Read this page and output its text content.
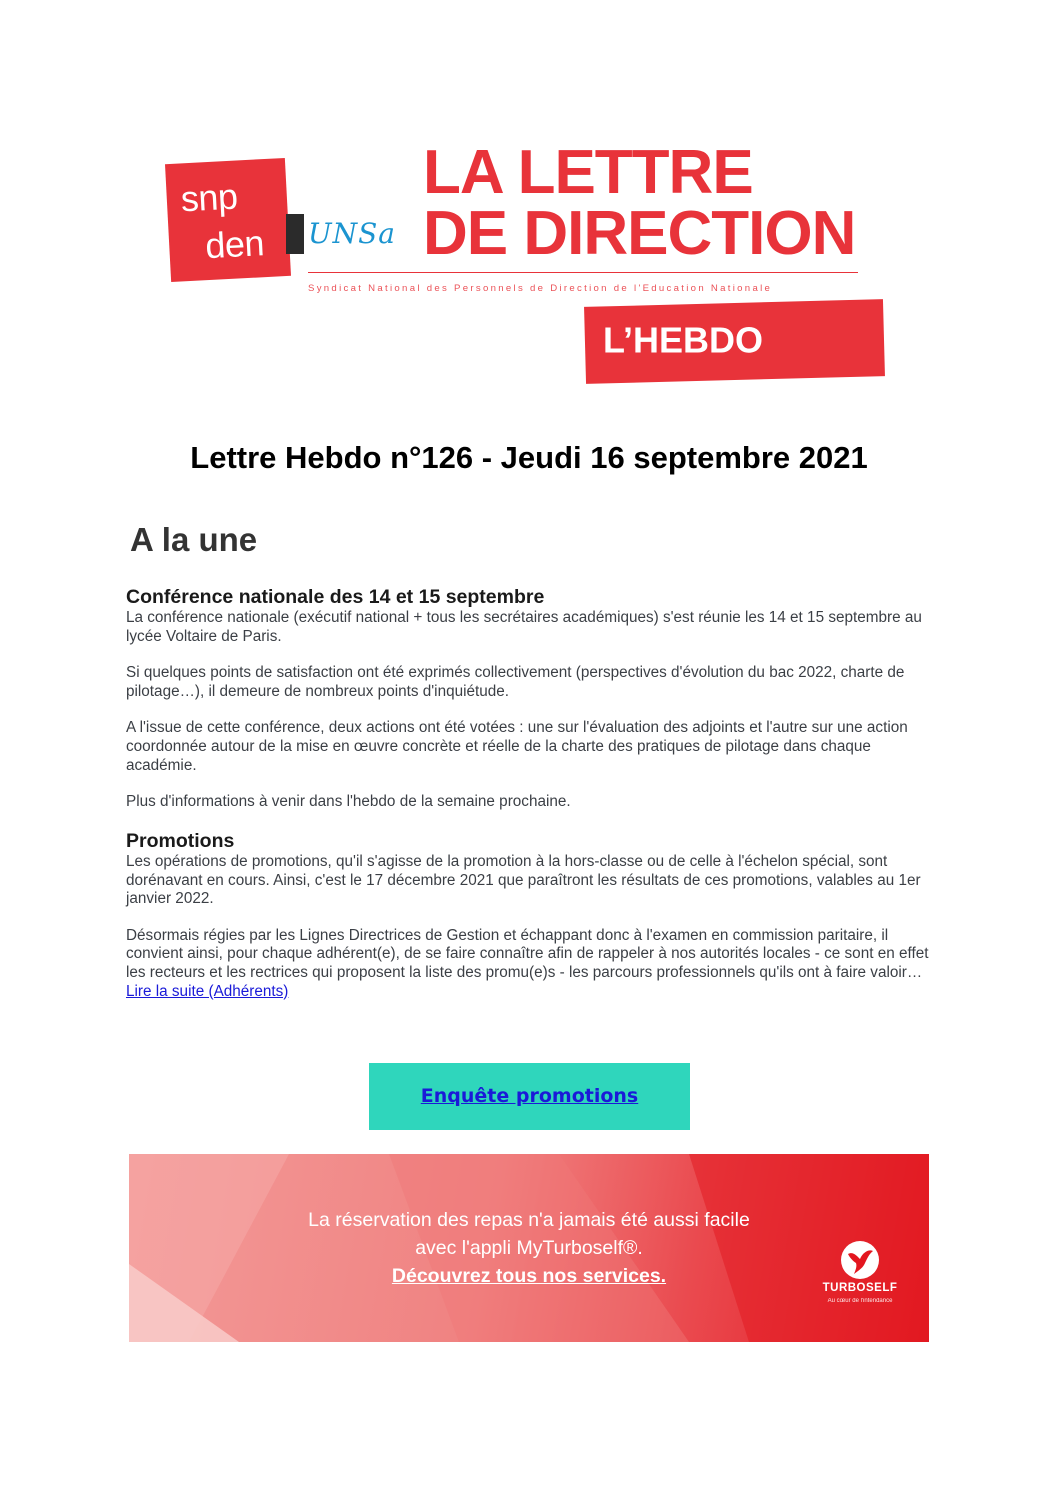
snp
den UNSa
LA LETTRE
DE DIRECTION
Syndicat National des Personnels de Direction de l'Education Nationale
L’HEBDO
Lettre Hebdo n°126 - Jeudi 16 septembre 2021
A la une
Conférence nationale des 14 et 15 septembre

La conférence nationale (exécutif national + tous les secrétaires académiques) s'est réunie les 14 et 15 septembre au lycée Voltaire de Paris.

Si quelques points de satisfaction ont été exprimés collectivement (perspectives d'évolution du bac 2022, charte de pilotage…), il demeure de nombreux points d'inquiétude.

A l'issue de cette conférence, deux actions ont été votées : une sur l'évaluation des adjoints et l'autre sur une action coordonnée autour de la mise en œuvre concrète et réelle de la charte des pratiques de pilotage dans chaque académie.

Plus d'informations à venir dans l'hebdo de la semaine prochaine.

Promotions

Les opérations de promotions, qu'il s'agisse de la promotion à la hors-classe ou de celle à l'échelon spécial, sont dorénavant en cours. Ainsi, c'est le 17 décembre 2021 que paraîtront les résultats de ces promotions, valables au 1er janvier 2022.

Désormais régies par les Lignes Directrices de Gestion et échappant donc à l'examen en commission paritaire, il convient ainsi, pour chaque adhérent(e), de se faire connaître afin de rappeler à nos autorités locales - ce sont en effet les recteurs et les rectrices qui proposent la liste des promu(e)s - les parcours professionnels qu'ils ont à faire valoir… Lire la suite (Adhérents)

Enquête promotions
La réservation des repas n'a jamais été aussi facile
avec l'appli MyTurboself®.
Découvrez tous nos services.
TURBOSELF
Au cœur de l'intendance
